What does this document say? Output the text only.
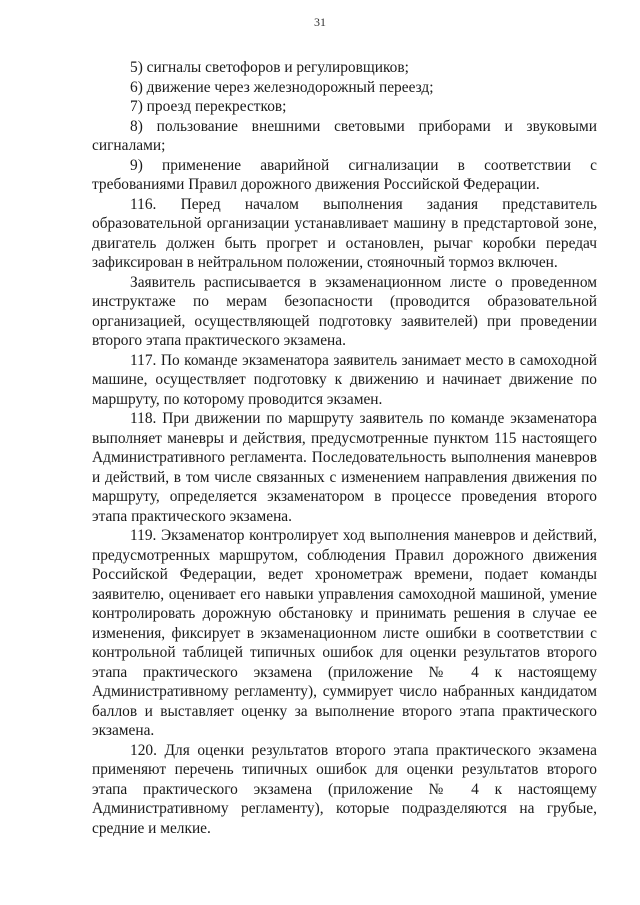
31

5) сигналы светофоров и регулировщиков;

6) движение через железнодорожный переезд;

7) проезд перекрестков;

8) пользование внешними световыми приборами и звуковыми сигналами;

9) применение аварийной сигнализации в соответствии с требованиями Правил дорожного движения Российской Федерации.

116. Перед началом выполнения задания представитель образовательной организации устанавливает машину в предстартовой зоне, двигатель должен быть прогрет и остановлен, рычаг коробки передач зафиксирован в нейтральном положении, стояночный тормоз включен.

Заявитель расписывается в экзаменационном листе о проведенном инструктаже по мерам безопасности (проводится образовательной организацией, осуществляющей подготовку заявителей) при проведении второго этапа практического экзамена.

117. По команде экзаменатора заявитель занимает место в самоходной машине, осуществляет подготовку к движению и начинает движение по маршруту, по которому проводится экзамен.

118. При движении по маршруту заявитель по команде экзаменатора выполняет маневры и действия, предусмотренные пунктом 115 настоящего Административного регламента. Последовательность выполнения маневров и действий, в том числе связанных с изменением направления движения по маршруту, определяется экзаменатором в процессе проведения второго этапа практического экзамена.

119. Экзаменатор контролирует ход выполнения маневров и действий, предусмотренных маршрутом, соблюдения Правил дорожного движения Российской Федерации, ведет хронометраж времени, подает команды заявителю, оценивает его навыки управления самоходной машиной, умение контролировать дорожную обстановку и принимать решения в случае ее изменения, фиксирует в экзаменационном листе ошибки в соответствии с контрольной таблицей типичных ошибок для оценки результатов второго этапа практического экзамена (приложение № 4 к настоящему Административному регламенту), суммирует число набранных кандидатом баллов и выставляет оценку за выполнение второго этапа практического экзамена.

120. Для оценки результатов второго этапа практического экзамена применяют перечень типичных ошибок для оценки результатов второго этапа практического экзамена (приложение № 4 к настоящему Административному регламенту), которые подразделяются на грубые, средние и мелкие.
